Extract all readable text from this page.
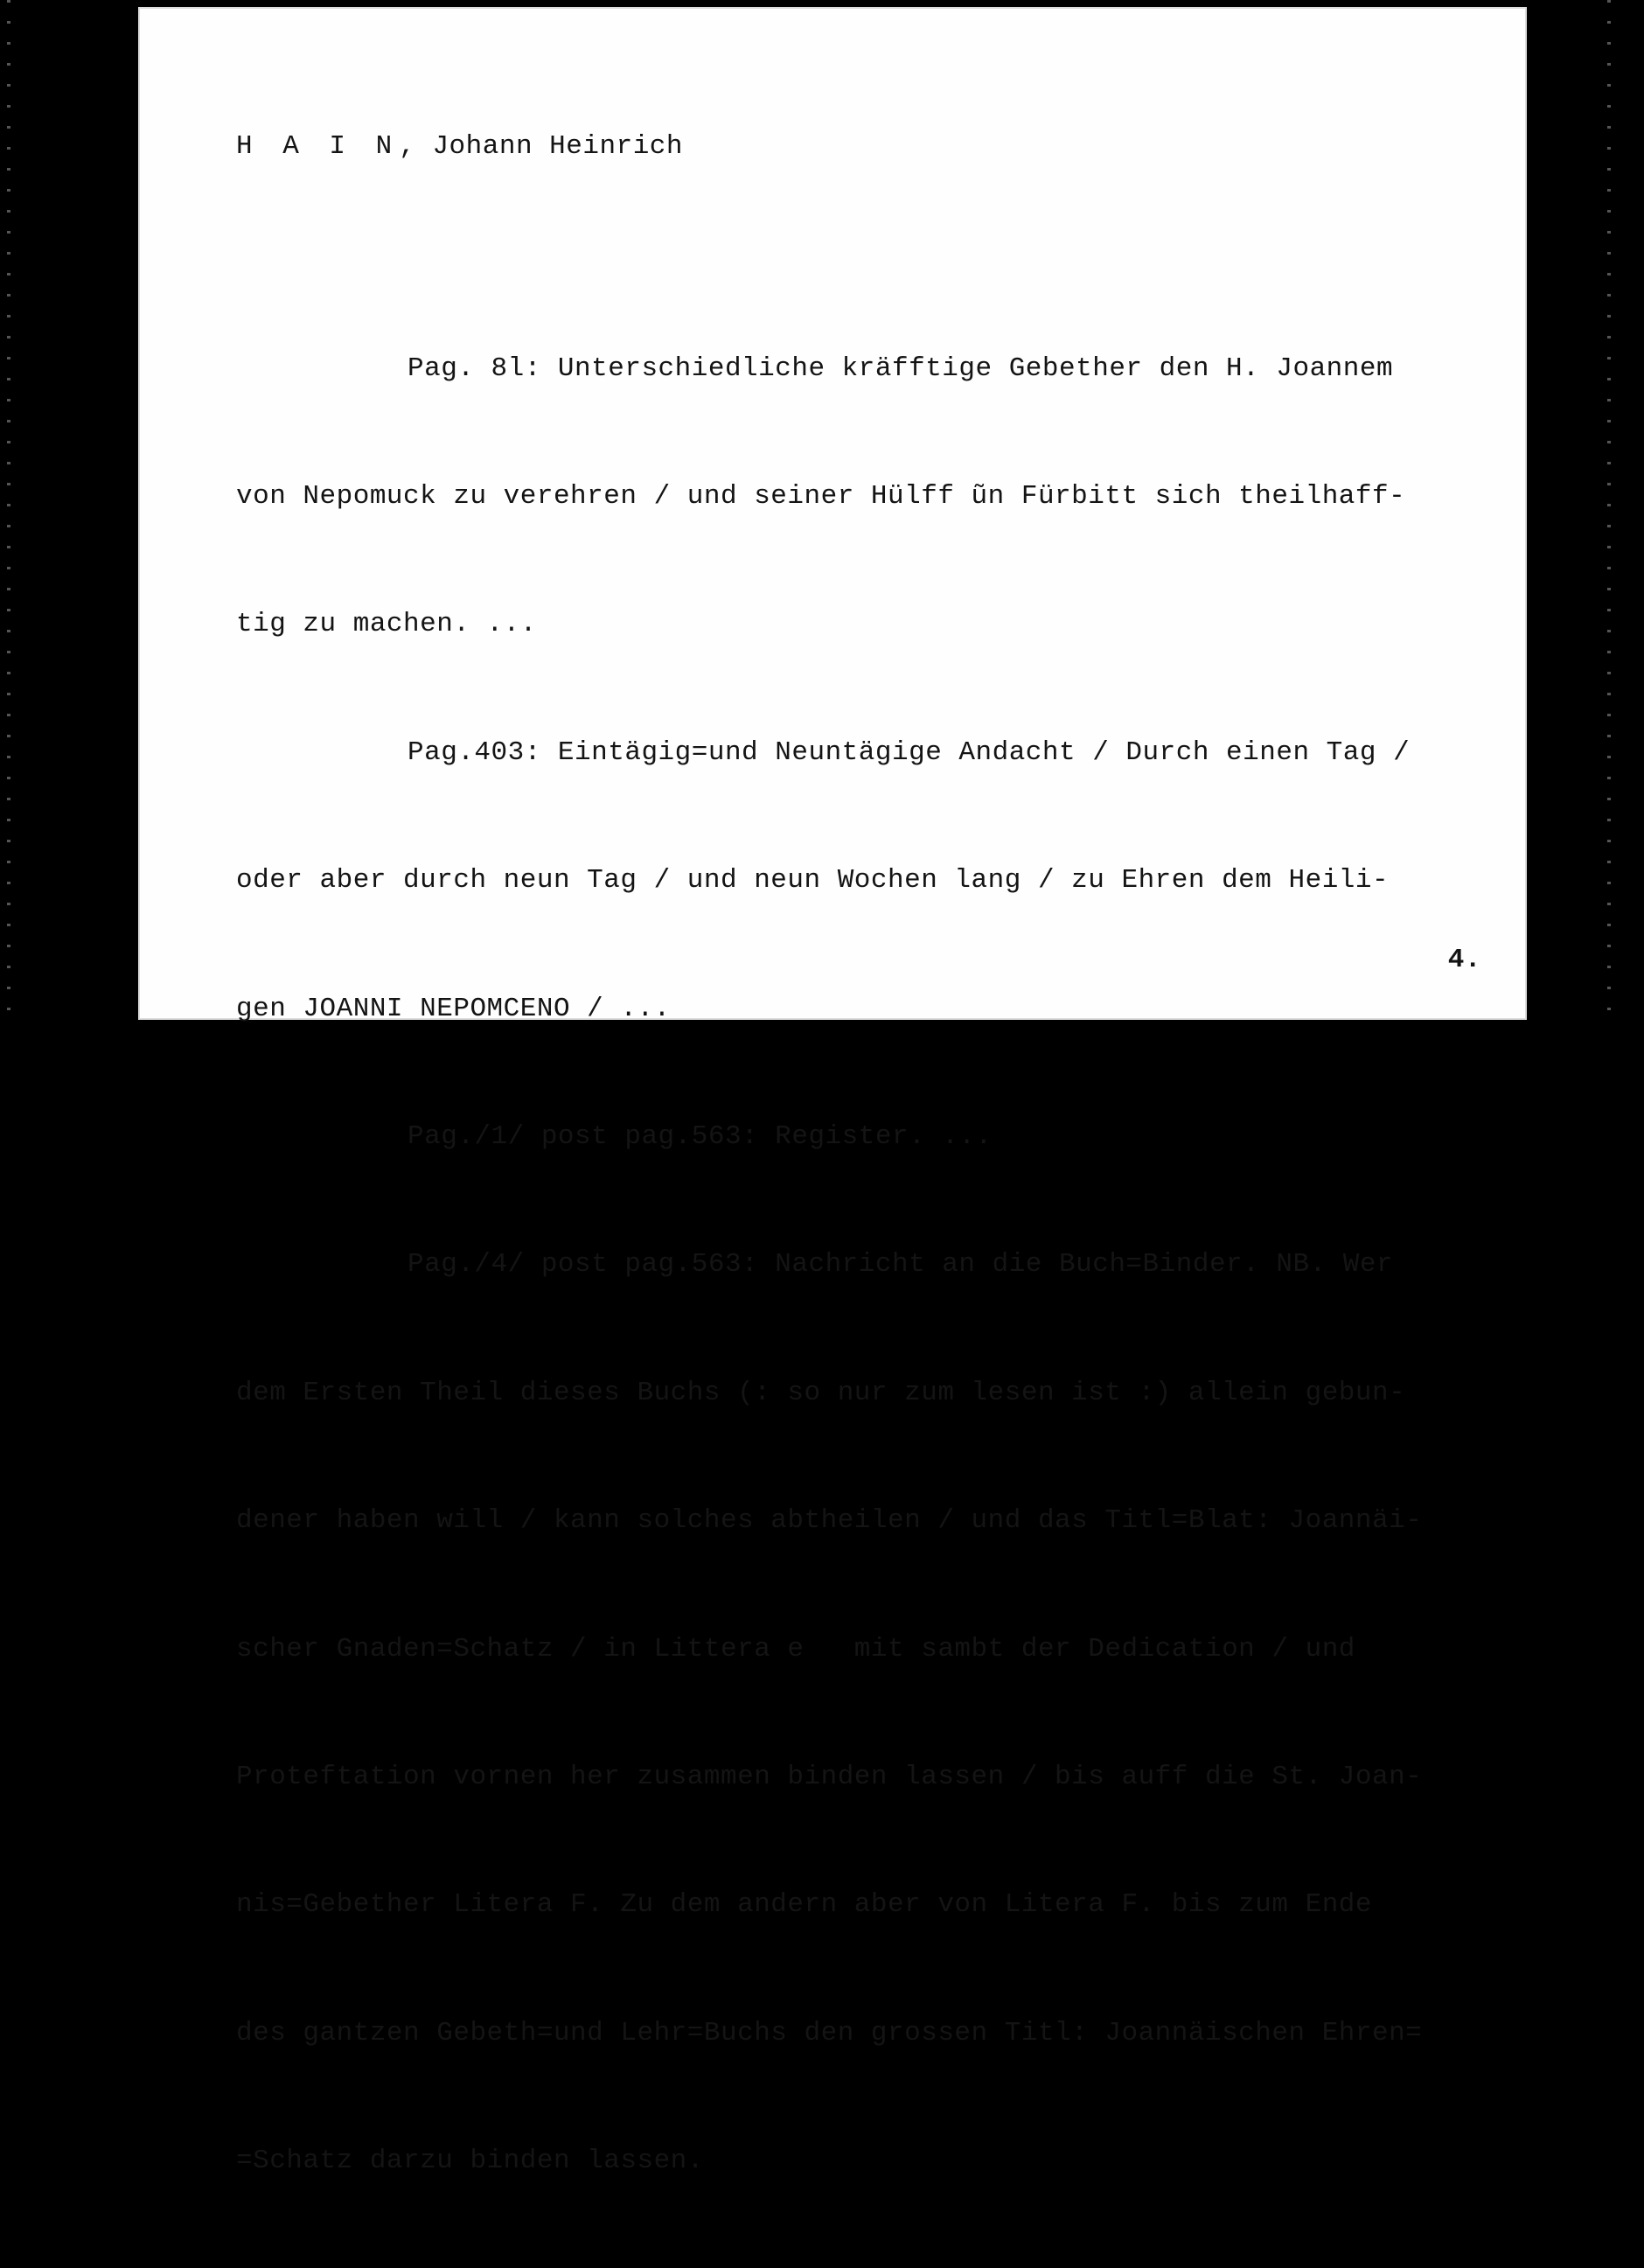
H A I N, Johann Heinrich

Pag. 8l: Unterschiedliche kräfftige Gebether den H. Joannem

von Nepomuck zu verehren / und seiner Hülff ũn Fürbitt sich theilhaff-

tig zu machen. ...

Pag.403: Eintägig=und Neuntägige Andacht / Durch einen Tag /

oder aber durch neun Tag / und neun Wochen lang / zu Ehren dem Heili-

gen JOANNI NEPOMCENO / ...

Pag./1/ post pag.563: Register. ...

Pag./4/ post pag.563: Nachricht an die Buch=Binder. NB. Wer

dem Ersten Theil dieses Buchs (: so nur zum lesen ist :) allein gebun-

dener haben will / kann solches abtheilen / und das Titl=Blat: Joannäi-

scher Gnaden=Schatz / in Littera e   mit sambt der Dedication / und

Proteftation vornen her zusammen binden lassen / bis auff die St. Joan-

nis=Gebether Litera F. Zu dem andern aber von Litera F. bis zum Ende

des gantzen Gebeth=und Lehr=Buchs den grossen Titl: Joannäischen Ehren=

=Schatz darzu binden lassen.

4.
